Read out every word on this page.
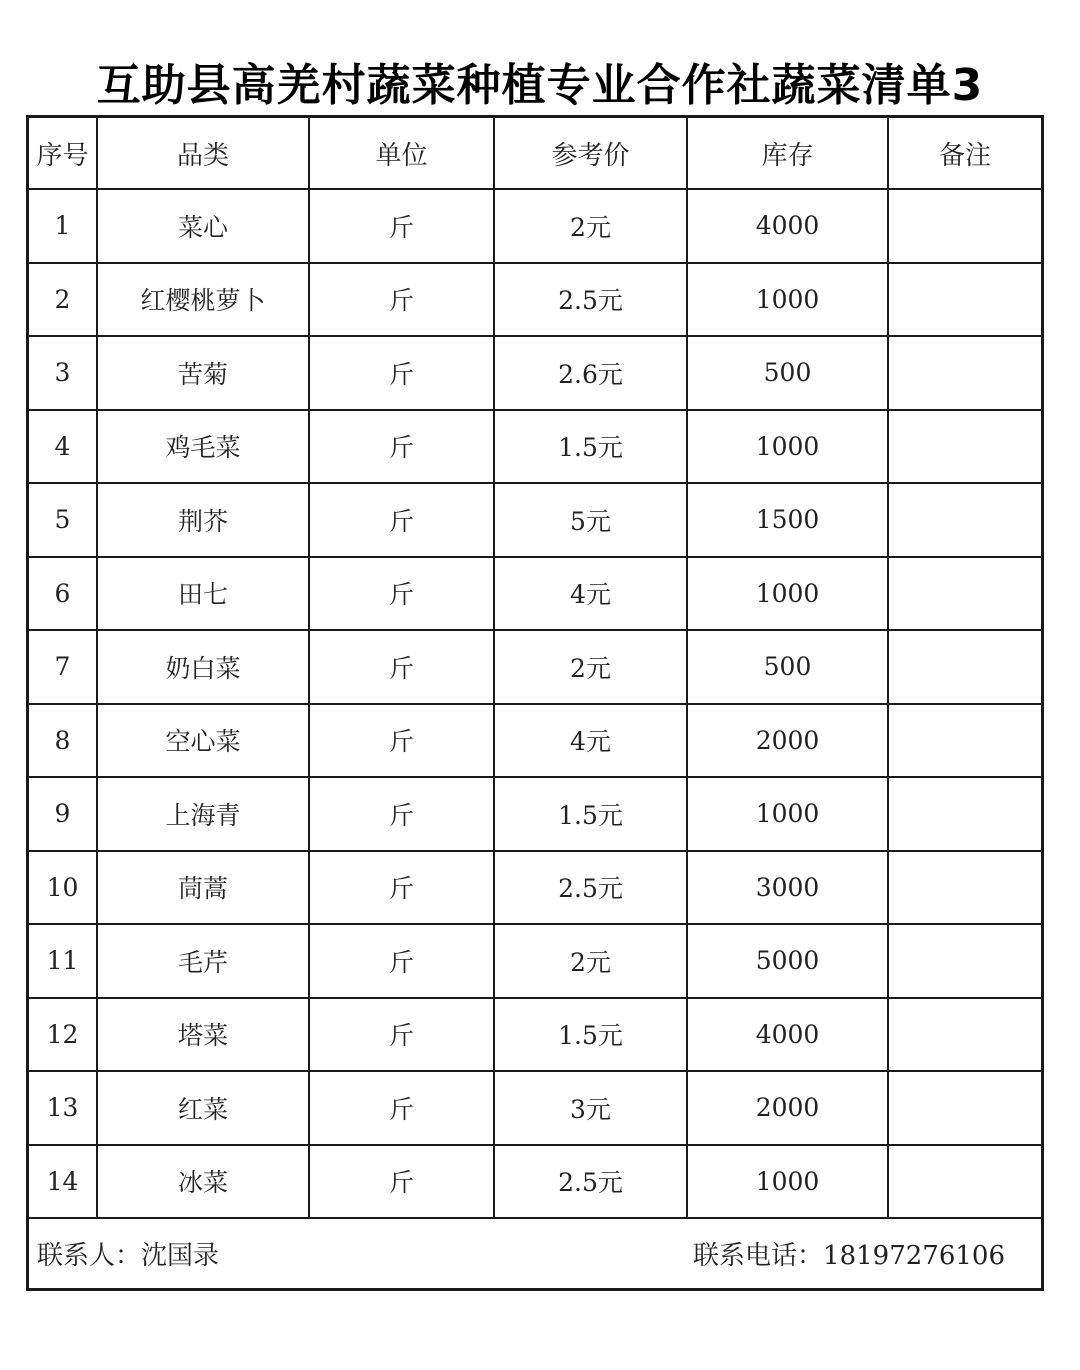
互助县高羌村蔬菜种植专业合作社蔬菜清单3
序号	品类	单位	参考价	库存	备注
1	菜心	斤	2元	4000	
2	红樱桃萝卜	斤	2.5元	1000	
3	苦菊	斤	2.6元	500	
4	鸡毛菜	斤	1.5元	1000	
5	荆芥	斤	5元	1500	
6	田七	斤	4元	1000	
7	奶白菜	斤	2元	500	
8	空心菜	斤	4元	2000	
9	上海青	斤	1.5元	1000	
10	茼蒿	斤	2.5元	3000	
11	毛芹	斤	2元	5000	
12	塔菜	斤	1.5元	4000	
13	红菜	斤	3元	2000	
14	冰菜	斤	2.5元	1000	
联系人：沈国录	联系电话：18197276106
